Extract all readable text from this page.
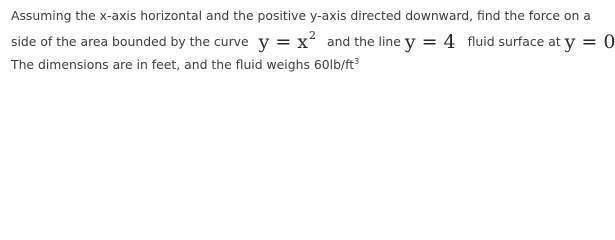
Assuming the x-axis horizontal and the positive y-axis directed downward, find the force on a
side of the area bounded by the curve $y = x^2$ and the line y = 4 fluid surface at y = 0
The dimensions are in feet, and the fluid weighs $60lb/ft^3$
